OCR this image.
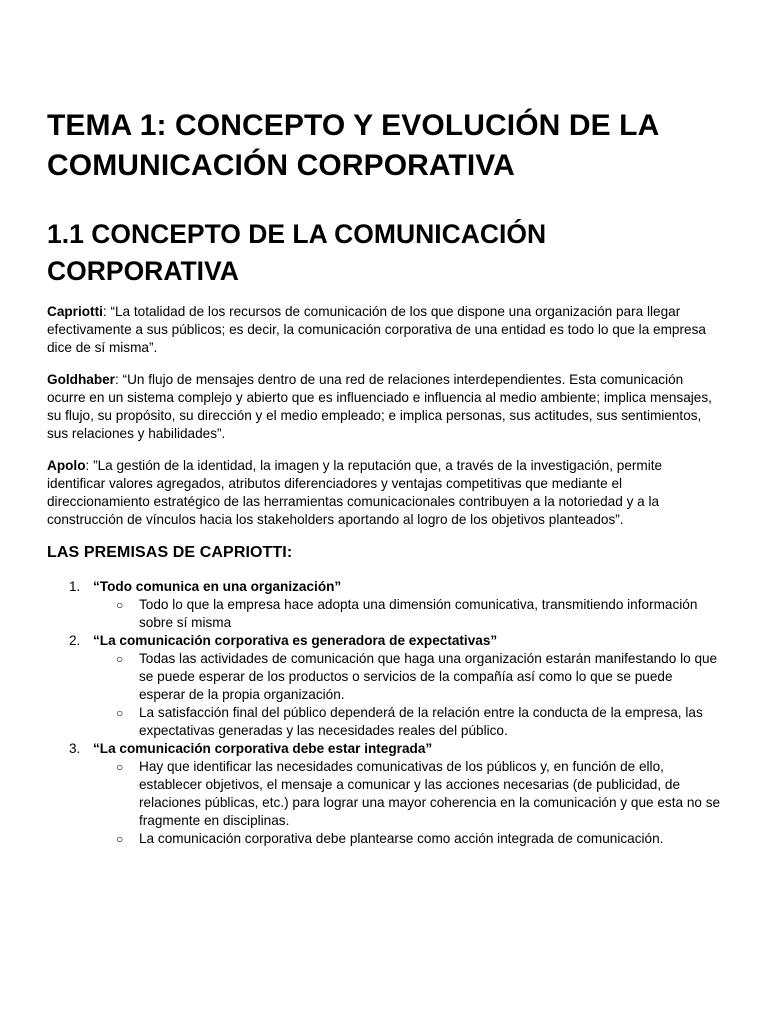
TEMA 1: CONCEPTO Y EVOLUCIÓN DE LA COMUNICACIÓN CORPORATIVA
1.1 CONCEPTO DE LA COMUNICACIÓN CORPORATIVA

Capriotti: “La totalidad de los recursos de comunicación de los que dispone una organización para llegar efectivamente a sus públicos; es decir, la comunicación corporativa de una entidad es todo lo que la empresa dice de sí misma”.

Goldhaber: “Un flujo de mensajes dentro de una red de relaciones interdependientes. Esta comunicación ocurre en un sistema complejo y abierto que es influenciado e influencia al medio ambiente; implica mensajes, su flujo, su propósito, su dirección y el medio empleado; e implica personas, sus actitudes, sus sentimientos, sus relaciones y habilidades”.

Apolo: ”La gestión de la identidad, la imagen y la reputación que, a través de la investigación, permite identificar valores agregados, atributos diferenciadores y ventajas competitivas que mediante el direccionamiento estratégico de las herramientas comunicacionales contribuyen a la notoriedad y a la construcción de vínculos hacia los stakeholders aportando al logro de los objetivos planteados”.

LAS PREMISAS DE CAPRIOTTI:
1. “Todo comunica en una organización”
○ Todo lo que la empresa hace adopta una dimensión comunicativa, transmitiendo información sobre sí misma
2. “La comunicación corporativa es generadora de expectativas”
○ Todas las actividades de comunicación que haga una organización estarán manifestando lo que se puede esperar de los productos o servicios de la compañía así como lo que se puede esperar de la propia organización.
○ La satisfacción final del público dependerá de la relación entre la conducta de la empresa, las expectativas generadas y las necesidades reales del público.
3. “La comunicación corporativa debe estar integrada”
○ Hay que identificar las necesidades comunicativas de los públicos y, en función de ello, establecer objetivos, el mensaje a comunicar y las acciones necesarias (de publicidad, de relaciones públicas, etc.) para lograr una mayor coherencia en la comunicación y que esta no se fragmente en disciplinas.
○ La comunicación corporativa debe plantearse como acción integrada de comunicación.
